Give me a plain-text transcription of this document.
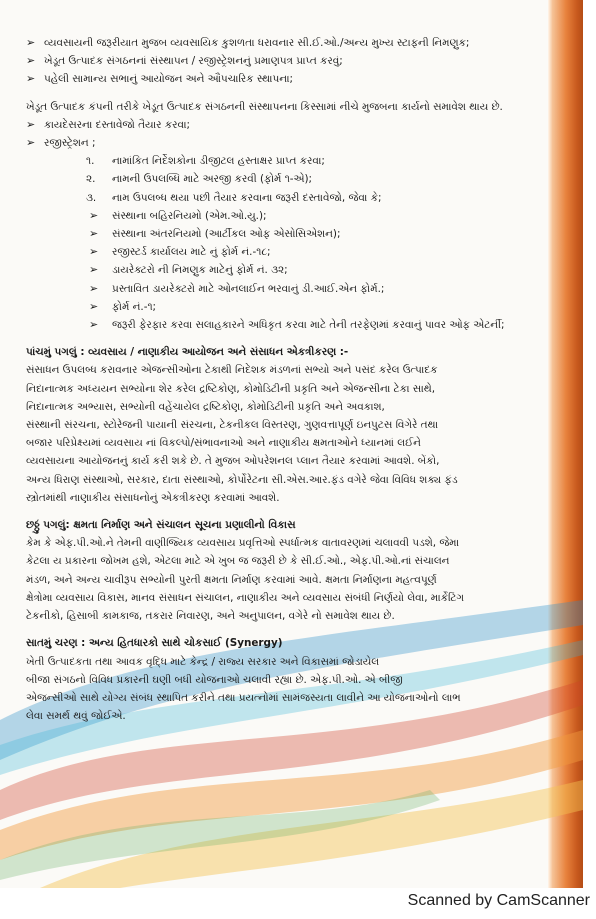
➢ વ્યવસાયની જરૂરીયાત મુજબ વ્યવસાયિક કુશળતા ધરાવનાર સી.ઈ.ઓ./અન્ય મુખ્ય સ્ટાફની નિમણુક;

➢ ખેડૂત ઉત્પાદક સંગઠનનાં સંસ્થાપન / રજીસ્ટ્રેશનનું પ્રમાણપત્ર પ્રાપ્ત કરવું;

➢ પહેલી સામાન્ય સભાનું આયોજન અને ઔપચારિક સ્થાપના;

ખેડૂત ઉત્પાદક કંપની તરીકે ખેડૂત ઉત્પાદક સંગઠનની સંસ્થાપનના કિસ્સામાં નીચે મુજબના કાર્યનો સમાવેશ થાય છે.

➢ કાયદેસરના દસ્તાવેજો તૈયાર કરવા;

➢ રજીસ્ટ્રેશન ;

૧. નામાંકિત નિર્દેશકોના ડીજીટલ હસ્તાક્ષર પ્રાપ્ત કરવા;

૨. નામની ઉપલબ્ધિ માટે અરજી કરવી (ફોર્મ ૧-એ);

૩. નામ ઉપલબ્ધ થયા પછી તૈયાર કરવાના જરૂરી દસ્તાવેજો, જેવા કે;

➢ સંસ્થાના બહિરનિયમો (એમ.ઓ.યુ.);

➢ સંસ્થાના અંતરનિયમો (આર્ટીકલ ઓફ એસોસિએશન);

➢ રજીસ્ટર્ડ કાર્યાલય માટે નું ફોર્મ નં.-૧૮;

➢ ડાયરેક્ટરો ની નિમણુક માટેનું ફોર્મ નં. ૩૨;

➢ પ્રસ્તાવિત ડાયરેક્ટરો માટે ઓનલાઈન ભરવાનું ડી.આઈ.એન ફોર્મ.;

➢ ફોર્મ નં.-૧;

➢ જરૂરી ફેરફાર કરવા સલાહકારને અધિકૃત કરવા માટે તેની તરફેણમાં કરવાનું પાવર ઓફ એટર્ની;

પાંચમું પગલું : વ્યવસાય / નાણાકીય આયોજન અને સંસાધન એકત્રીકરણ :-

સંસાધન ઉપલબ્ધ કરાવનાર એજન્સીઓના ટેકાથી નિદેશક મંડળનાં સભ્યો અને પસંદ કરેલ ઉત્પાદક

નિદાનાત્મક અધ્યયન સભ્યોના શેર કરેલ દ્રષ્ટિકોણ, કોમોડિટીની પ્રકૃતિ અને એજન્સીના ટેકા સાથે,

નિદાનાત્મક અભ્યાસ, સભ્યોની વહેંચાયેલ દ્રષ્ટિકોણ, કોમોડિટીની પ્રકૃતિ અને અવકાશ,

સંસ્થાની સંરચના, સ્ટોરેજની પાયાની સંરચના, ટેકનીકલ વિસ્તરણ, ગુણવત્તાપૂર્ણ ઇનપુટસ વિગેરે તથા

બજાર પરિપ્રેક્ષ્યમાં વ્યવસાય નાં વિકલ્પો/સંભાવનાઓ અને નાણાકીય ક્ષમતાઓને ધ્યાનમાં લઈને

વ્યવસાયના આયોજનનું કાર્ય કરી શકે છે. તે મુજબ ઓપરેશનલ પ્લાન તૈયાર કરવામાં આવશે. બેંકો,

અન્ય ધિરાણ સંસ્થાઓ, સરકાર, દાતા સંસ્થાઓ, કોર્પોરેટના સી.એસ.આર.ફંડ વગેરે જેવા વિવિધ શક્ય ફંડ

સ્ત્રોતમાંથી નાણાકીય સંસાધનોનું એકત્રીકરણ કરવામાં આવશે.

છઠ્ઠું પગલું: ક્ષમતા નિર્માણ અને સંચાલન સૂચના પ્રણાલીનો વિકાસ

કેમ કે એફ.પી.ઓ.ને તેમની વાણીજ્યિક વ્યવસાય પ્રવૃત્તિઓ સ્પર્ધાત્મક વાતાવરણમાં ચલાવવી પડશે, જેમા

કેટલા ય પ્રકારના જોખમ હશે, એટલા માટે એ ખુબ જ જરૂરી છે કે સી.ઈ.ઓ., એફ.પી.ઓ.નાં સંચાલન

મંડળ, અને અન્ય ચાવીરૂપ સભ્યોની પુરતી ક્ષમતા નિર્માણ કરવામાં આવે. ક્ષમતા નિર્માણના મહત્વપૂર્ણ

ક્ષેત્રોમા વ્યવસાય વિકાસ, માનવ સંસાધન સંચાલન, નાણાકીય અને વ્યવસાય સંબંધી નિર્ણયો લેવા, માર્કેટિંગ

ટેકનીકો, હિસાબી કામકાજ, તકરાર નિવારણ, અને અનુપાલન, વગેરે નો સમાવેશ થાય છે.

સાતમું ચરણ : અન્ય હિતધારકો સાથે ચોકસાઈ (Synergy)

ખેતી ઉત્પાદકતા તથા આવક વૃદ્ધિ માટે કેન્દ્ર / રાજ્ય સરકાર અને વિકાસમાં જોડાયેલ

બીજા સંગઠનો વિવિધ પ્રકારની ઘણી બધી યોજનાઓ ચલાવી રહ્યા છે. એફ.પી.ઓ. એ બીજી

એજન્સીઓ સાથે યોગ્ય સંબંધ સ્થાપિત કરીને તથા પ્રયત્નોમાં સામંજસ્યતા લાવીને આ યોજનાઓનો લાભ

લેવા સમર્થ થવું જોઈએ.

Scanned by CamScanner
